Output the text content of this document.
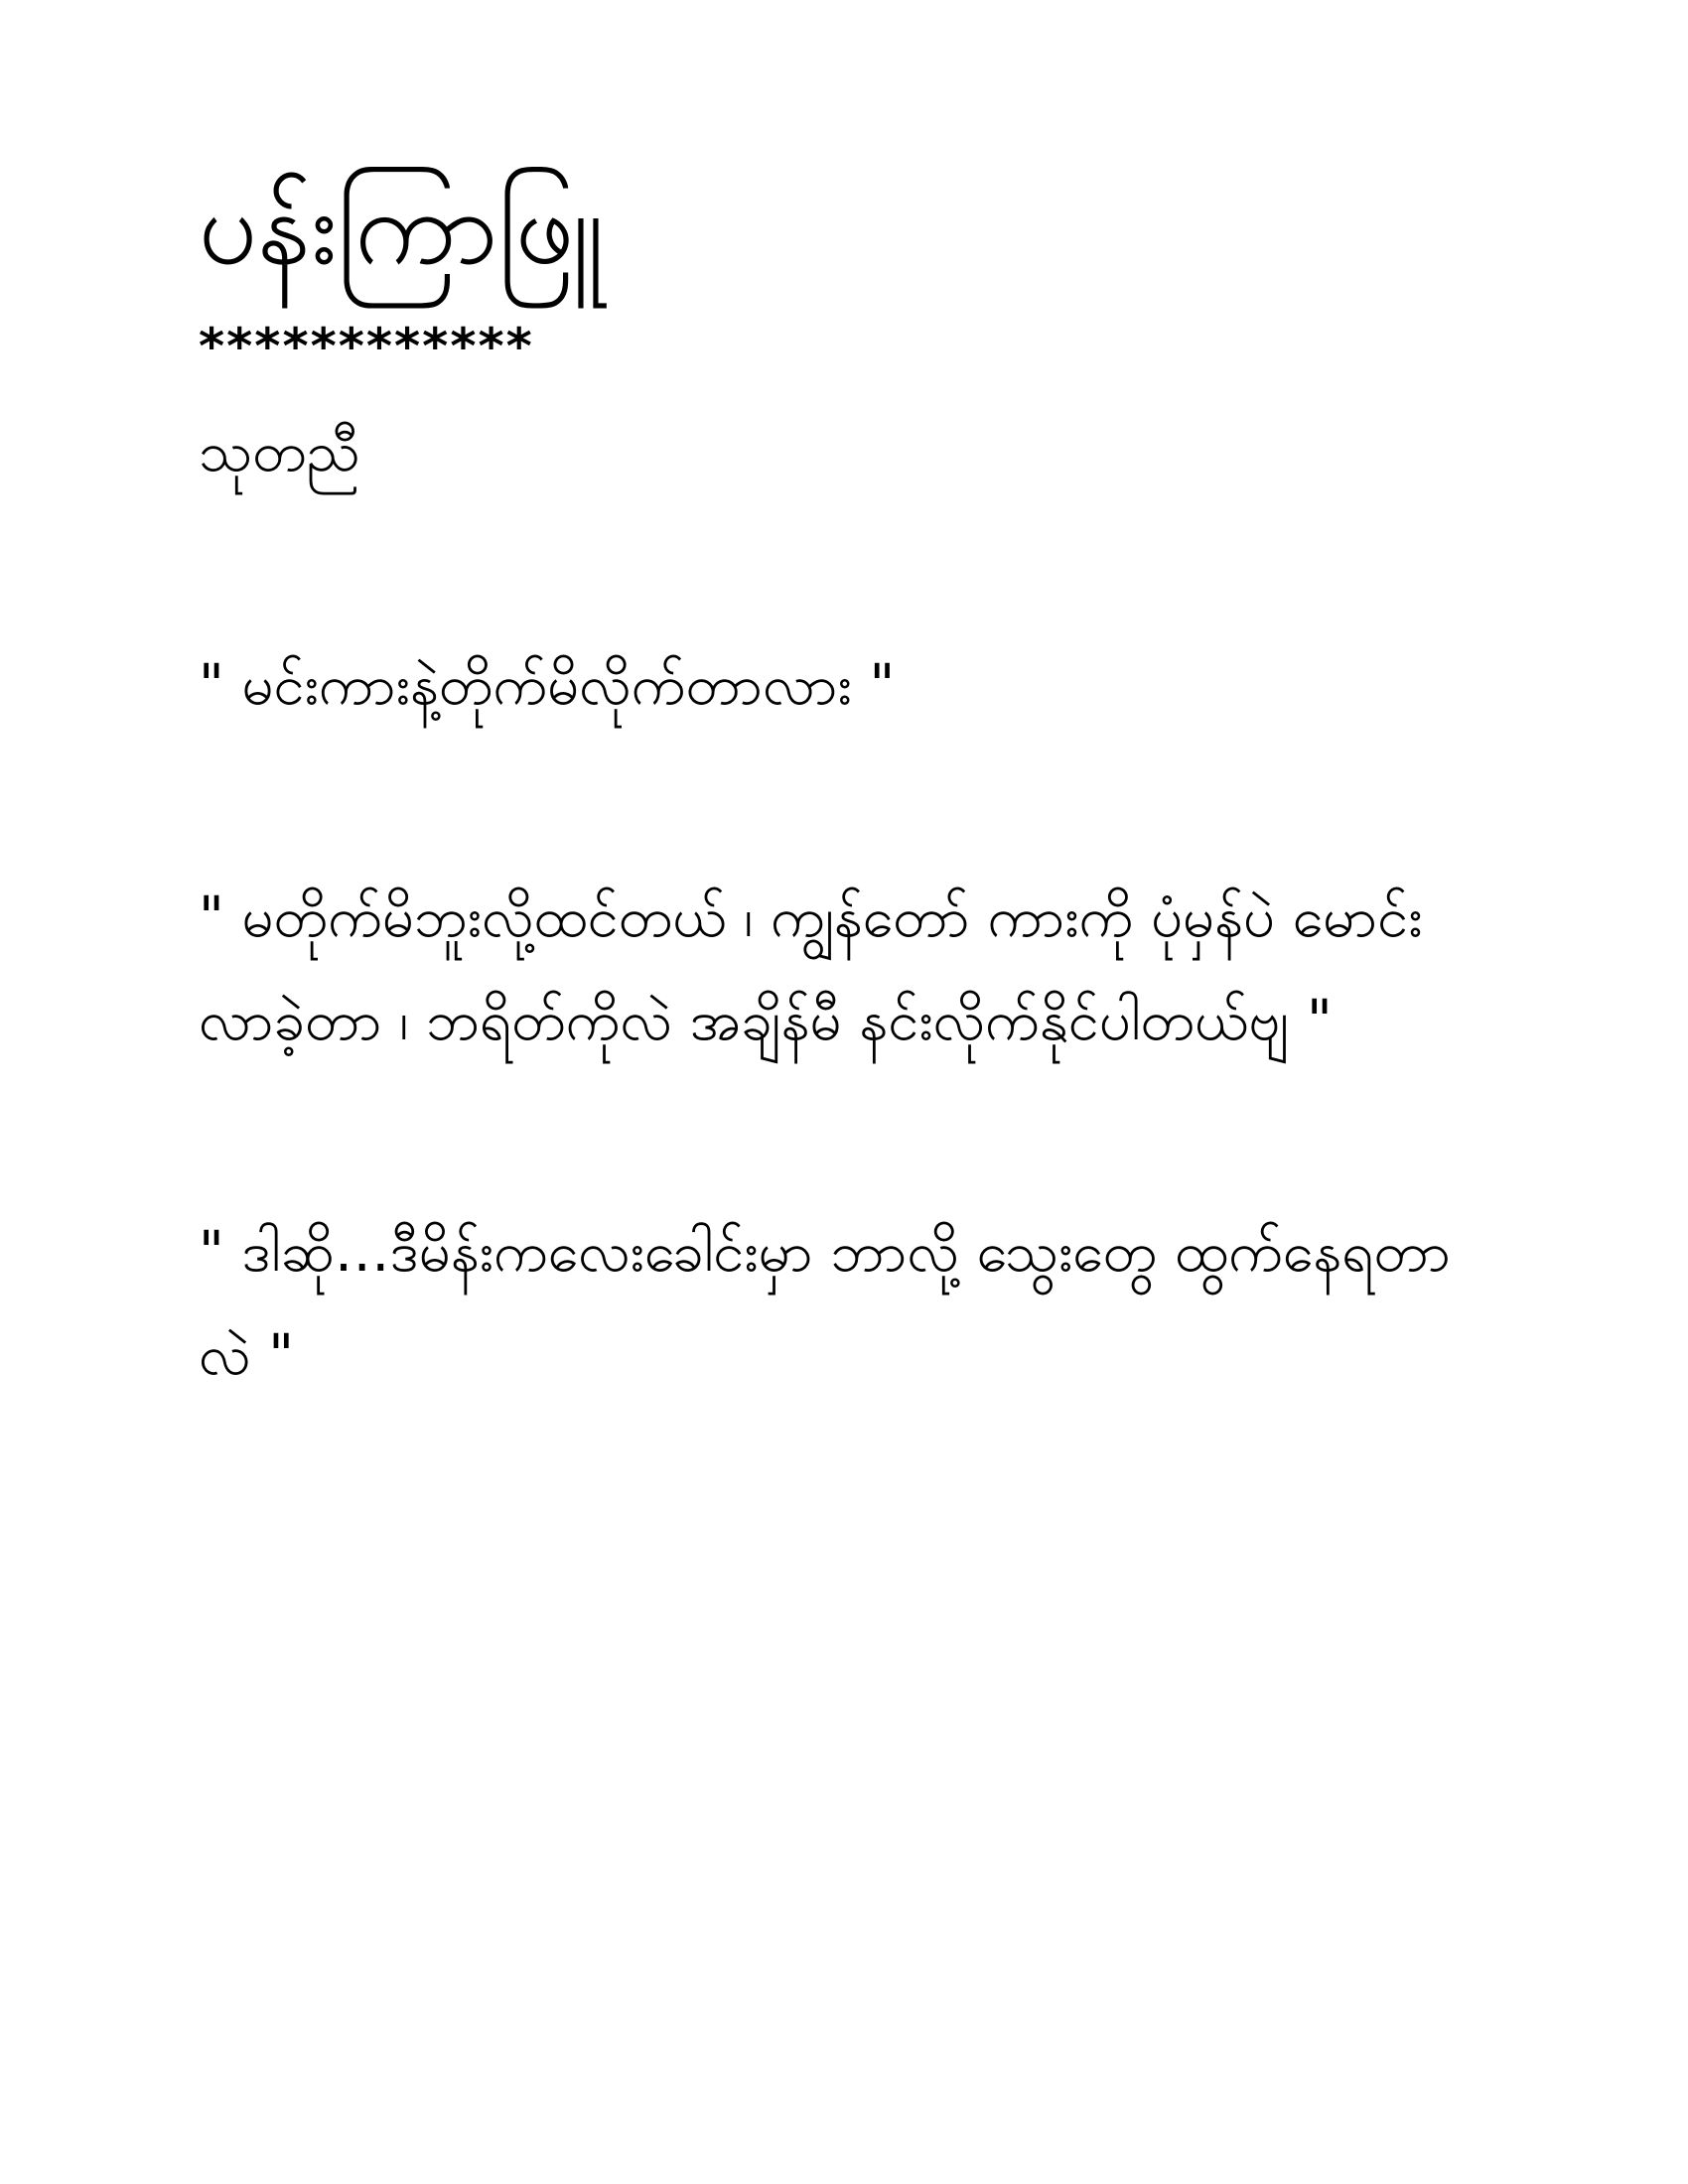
ပန်းကြာဖြူ
************
သုတညီ

" မင်းကားနဲ့တိုက်မိလိုက်တာလား "

" မတိုက်မိဘူးလို့ထင်တယ် ၊ ကျွန်တော် ကားကို ပုံမှန်ပဲ မောင်းလာခဲ့တာ ၊ ဘရိတ်ကိုလဲ အချိန်မီ နင်းလိုက်နိုင်ပါတယ်ဗျ "

" ဒါဆို…ဒီမိန်းကလေးခေါင်းမှာ ဘာလို့ သွေးတွေ ထွက်နေရတာလဲ "
